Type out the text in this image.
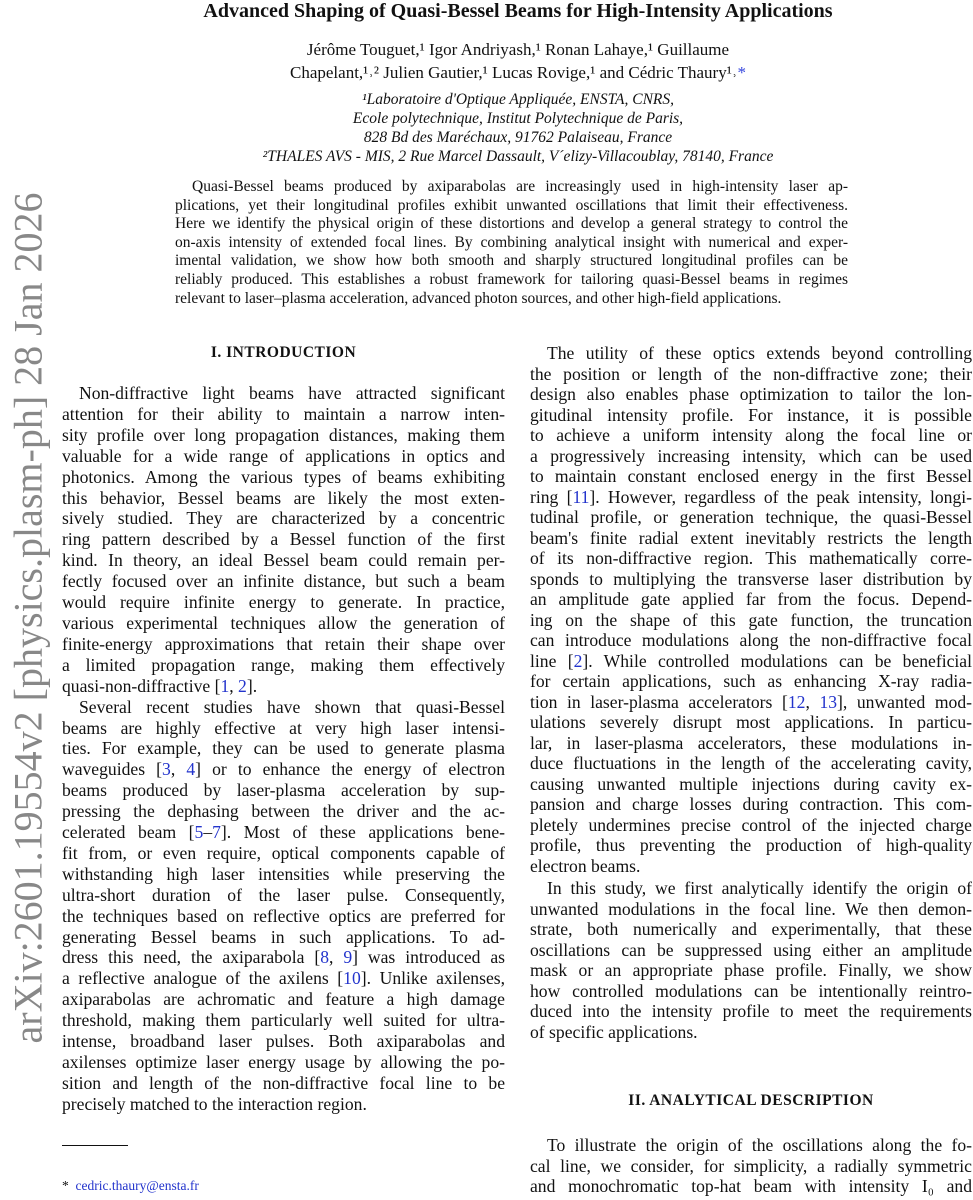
arXiv:2601.19554v2 [physics.plasm-ph] 28 Jan 2026
Advanced Shaping of Quasi-Bessel Beams for High-Intensity Applications
Jérôme Touguet,¹ Igor Andriyash,¹ Ronan Lahaye,¹ Guillaume
Chapelant,¹˒² Julien Gautier,¹ Lucas Rovige,¹ and Cédric Thaury¹˒*
¹Laboratoire d'Optique Appliquée, ENSTA, CNRS,
Ecole polytechnique, Institut Polytechnique de Paris,
828 Bd des Maréchaux, 91762 Palaiseau, France
²THALES AVS - MIS, 2 Rue Marcel Dassault, V´elizy-Villacoublay, 78140, France
Quasi-Bessel beams produced by axiparabolas are increasingly used in high-intensity laser ap-
plications, yet their longitudinal profiles exhibit unwanted oscillations that limit their effectiveness.
Here we identify the physical origin of these distortions and develop a general strategy to control the
on-axis intensity of extended focal lines. By combining analytical insight with numerical and exper-
imental validation, we show how both smooth and sharply structured longitudinal profiles can be
reliably produced. This establishes a robust framework for tailoring quasi-Bessel beams in regimes
relevant to laser–plasma acceleration, advanced photon sources, and other high-field applications.
I. INTRODUCTION
Non-diffractive light beams have attracted significant
attention for their ability to maintain a narrow inten-
sity profile over long propagation distances, making them
valuable for a wide range of applications in optics and
photonics. Among the various types of beams exhibiting
this behavior, Bessel beams are likely the most exten-
sively studied. They are characterized by a concentric
ring pattern described by a Bessel function of the first
kind. In theory, an ideal Bessel beam could remain per-
fectly focused over an infinite distance, but such a beam
would require infinite energy to generate. In practice,
various experimental techniques allow the generation of
finite-energy approximations that retain their shape over
a limited propagation range, making them effectively
quasi-non-diffractive [1, 2].
Several recent studies have shown that quasi-Bessel
beams are highly effective at very high laser intensi-
ties. For example, they can be used to generate plasma
waveguides [3, 4] or to enhance the energy of electron
beams produced by laser-plasma acceleration by sup-
pressing the dephasing between the driver and the ac-
celerated beam [5–7]. Most of these applications bene-
fit from, or even require, optical components capable of
withstanding high laser intensities while preserving the
ultra-short duration of the laser pulse. Consequently,
the techniques based on reflective optics are preferred for
generating Bessel beams in such applications. To ad-
dress this need, the axiparabola [8, 9] was introduced as
a reflective analogue of the axilens [10]. Unlike axilenses,
axiparabolas are achromatic and feature a high damage
threshold, making them particularly well suited for ultra-
intense, broadband laser pulses. Both axiparabolas and
axilenses optimize laser energy usage by allowing the po-
sition and length of the non-diffractive focal line to be
precisely matched to the interaction region.
The utility of these optics extends beyond controlling
the position or length of the non-diffractive zone; their
design also enables phase optimization to tailor the lon-
gitudinal intensity profile. For instance, it is possible
to achieve a uniform intensity along the focal line or
a progressively increasing intensity, which can be used
to maintain constant enclosed energy in the first Bessel
ring [11]. However, regardless of the peak intensity, longi-
tudinal profile, or generation technique, the quasi-Bessel
beam's finite radial extent inevitably restricts the length
of its non-diffractive region. This mathematically corre-
sponds to multiplying the transverse laser distribution by
an amplitude gate applied far from the focus. Depend-
ing on the shape of this gate function, the truncation
can introduce modulations along the non-diffractive focal
line [2]. While controlled modulations can be beneficial
for certain applications, such as enhancing X-ray radia-
tion in laser-plasma accelerators [12, 13], unwanted mod-
ulations severely disrupt most applications. In particu-
lar, in laser-plasma accelerators, these modulations in-
duce fluctuations in the length of the accelerating cavity,
causing unwanted multiple injections during cavity ex-
pansion and charge losses during contraction. This com-
pletely undermines precise control of the injected charge
profile, thus preventing the production of high-quality
electron beams.
In this study, we first analytically identify the origin of
unwanted modulations in the focal line. We then demon-
strate, both numerically and experimentally, that these
oscillations can be suppressed using either an amplitude
mask or an appropriate phase profile. Finally, we show
how controlled modulations can be intentionally reintro-
duced into the intensity profile to meet the requirements
of specific applications.
II. ANALYTICAL DESCRIPTION
To illustrate the origin of the oscillations along the fo-
cal line, we consider, for simplicity, a radially symmetric
and monochromatic top-hat beam with intensity I₀ and
* cedric.thaury@ensta.fr
